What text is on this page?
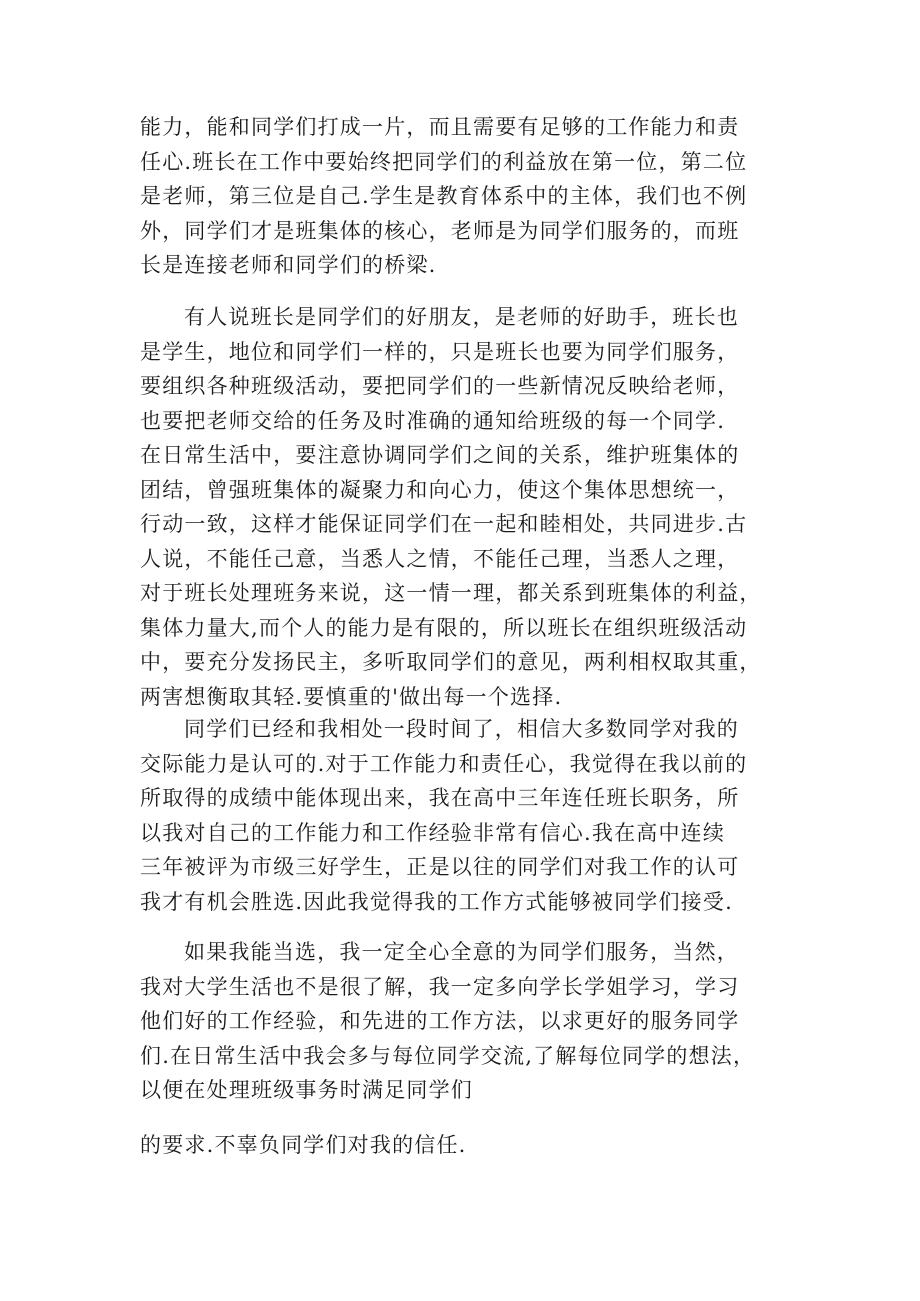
能力，能和同学们打成一片，而且需要有足够的工作能力和责
任心.班长在工作中要始终把同学们的利益放在第一位，第二位
是老师，第三位是自己.学生是教育体系中的主体，我们也不例
外，同学们才是班集体的核心，老师是为同学们服务的，而班
长是连接老师和同学们的桥梁.
有人说班长是同学们的好朋友，是老师的好助手，班长也
是学生，地位和同学们一样的，只是班长也要为同学们服务，
要组织各种班级活动，要把同学们的一些新情况反映给老师，
也要把老师交给的任务及时准确的通知给班级的每一个同学.
在日常生活中，要注意协调同学们之间的关系，维护班集体的
团结，曾强班集体的凝聚力和向心力，使这个集体思想统一，
行动一致，这样才能保证同学们在一起和睦相处，共同进步.古
人说，不能任己意，当悉人之情，不能任己理，当悉人之理，
对于班长处理班务来说，这一情一理，都关系到班集体的利益，
集体力量大,而个人的能力是有限的，所以班长在组织班级活动
中，要充分发扬民主，多听取同学们的意见，两利相权取其重，
两害想衡取其轻.要慎重的'做出每一个选择.
同学们已经和我相处一段时间了，相信大多数同学对我的
交际能力是认可的.对于工作能力和责任心，我觉得在我以前的
所取得的成绩中能体现出来，我在高中三年连任班长职务，所
以我对自己的工作能力和工作经验非常有信心.我在高中连续
三年被评为市级三好学生，正是以往的同学们对我工作的认可
我才有机会胜选.因此我觉得我的工作方式能够被同学们接受.
如果我能当选，我一定全心全意的为同学们服务，当然，
我对大学生活也不是很了解，我一定多向学长学姐学习，学习
他们好的工作经验，和先进的工作方法，以求更好的服务同学
们.在日常生活中我会多与每位同学交流,了解每位同学的想法，
以便在处理班级事务时满足同学们
的要求.不辜负同学们对我的信任.
